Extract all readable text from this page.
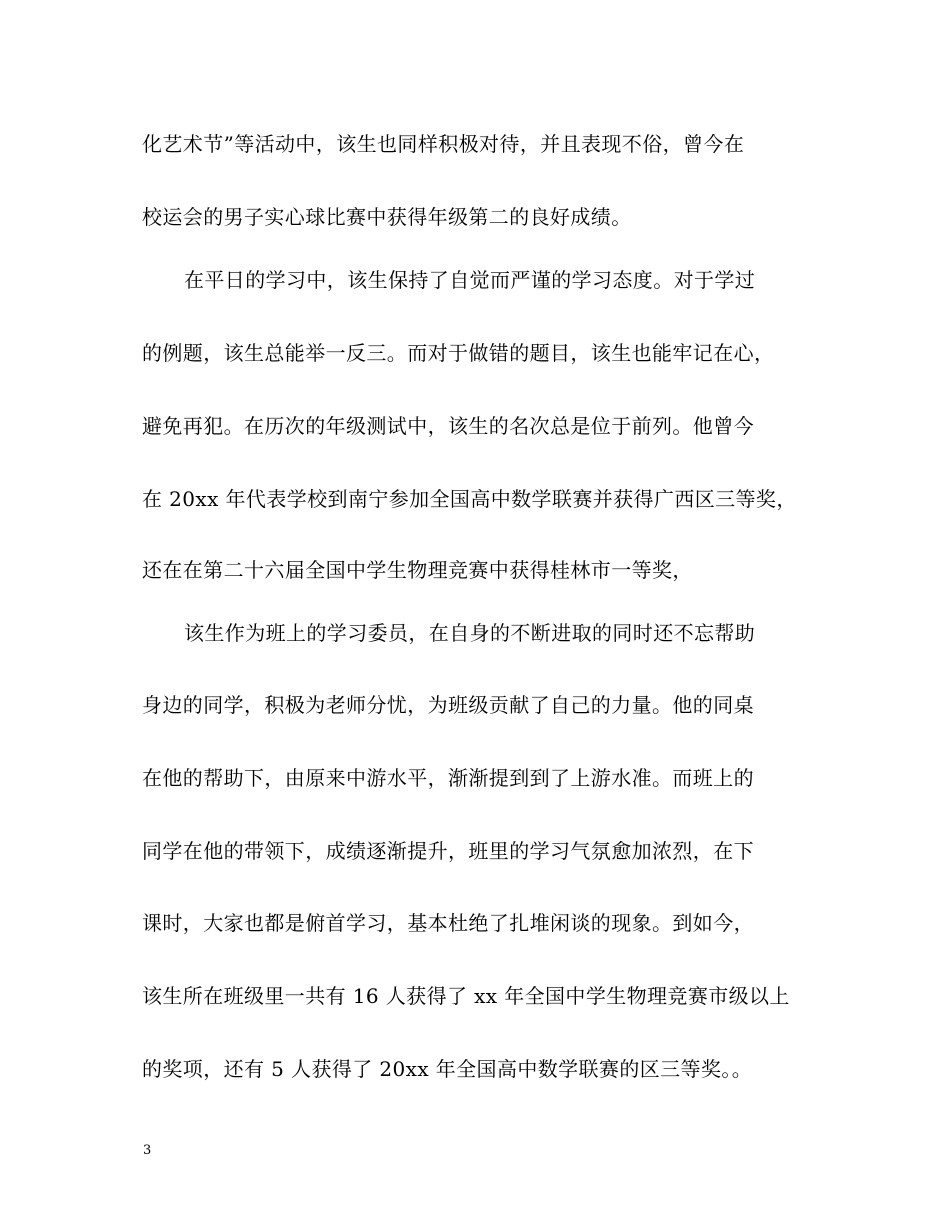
化艺术节”等活动中，该生也同样积极对待，并且表现不俗，曾今在
校运会的男子实心球比赛中获得年级第二的良好成绩。
在平日的学习中，该生保持了自觉而严谨的学习态度。对于学过
的例题，该生总能举一反三。而对于做错的题目，该生也能牢记在心，
避免再犯。在历次的年级测试中，该生的名次总是位于前列。他曾今
在 20xx 年代表学校到南宁参加全国高中数学联赛并获得广西区三等奖，
还在在第二十六届全国中学生物理竞赛中获得桂林市一等奖，
该生作为班上的学习委员，在自身的不断进取的同时还不忘帮助
身边的同学，积极为老师分忧，为班级贡献了自己的力量。他的同桌
在他的帮助下，由原来中游水平，渐渐提到到了上游水准。而班上的
同学在他的带领下，成绩逐渐提升，班里的学习气氛愈加浓烈，在下
课时，大家也都是俯首学习，基本杜绝了扎堆闲谈的现象。到如今，
该生所在班级里一共有 16 人获得了 xx 年全国中学生物理竞赛市级以上
的奖项，还有 5 人获得了 20xx 年全国高中数学联赛的区三等奖。。
3
